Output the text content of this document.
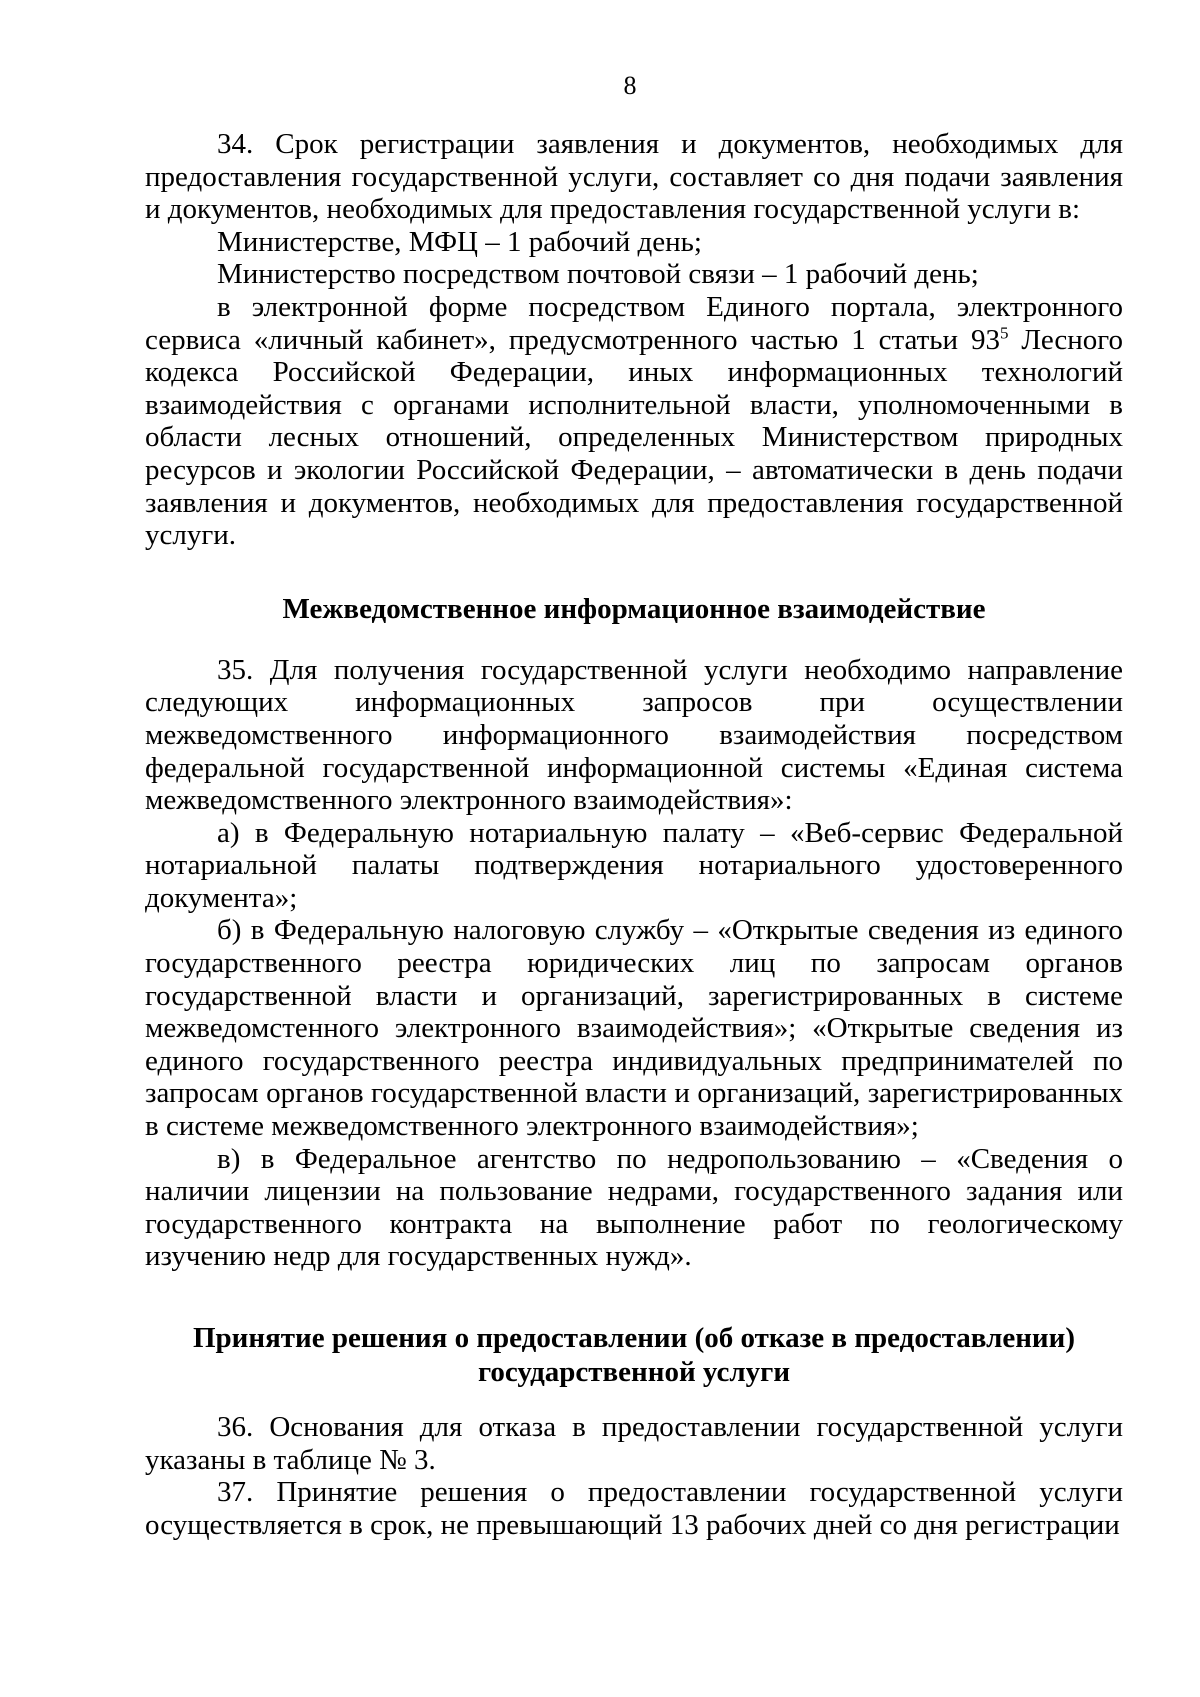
8

34. Срок регистрации заявления и документов, необходимых для предоставления государственной услуги, составляет со дня подачи заявления и документов, необходимых для предоставления государственной услуги в:

Министерстве, МФЦ – 1 рабочий день;

Министерство посредством почтовой связи – 1 рабочий день;

в электронной форме посредством Единого портала, электронного сервиса «личный кабинет», предусмотренного частью 1 статьи $93^5$ Лесного кодекса Российской Федерации, иных информационных технологий взаимодействия с органами исполнительной власти, уполномоченными в области лесных отношений, определенных Министерством природных ресурсов и экологии Российской Федерации, – автоматически в день подачи заявления и документов, необходимых для предоставления государственной услуги.

Межведомственное информационное взаимодействие

35. Для получения государственной услуги необходимо направление следующих информационных запросов при осуществлении межведомственного информационного взаимодействия посредством федеральной государственной информационной системы «Единая система межведомственного электронного взаимодействия»:

а) в Федеральную нотариальную палату – «Веб-сервис Федеральной нотариальной палаты подтверждения нотариального удостоверенного документа»;

б) в Федеральную налоговую службу – «Открытые сведения из единого государственного реестра юридических лиц по запросам органов государственной власти и организаций, зарегистрированных в системе межведомстенного электронного взаимодействия»; «Открытые сведения из единого государственного реестра индивидуальных предпринимателей по запросам органов государственной власти и организаций, зарегистрированных в системе межведомственного электронного взаимодействия»;

в) в Федеральное агентство по недропользованию – «Сведения о наличии лицензии на пользование недрами, государственного задания или государственного контракта на выполнение работ по геологическому изучению недр для государственных нужд».

Принятие решения о предоставлении (об отказе в предоставлении)
государственной услуги

36. Основания для отказа в предоставлении государственной услуги указаны в таблице № 3.

37. Принятие решения о предоставлении государственной услуги осуществляется в срок, не превышающий 13 рабочих дней со дня регистрации
